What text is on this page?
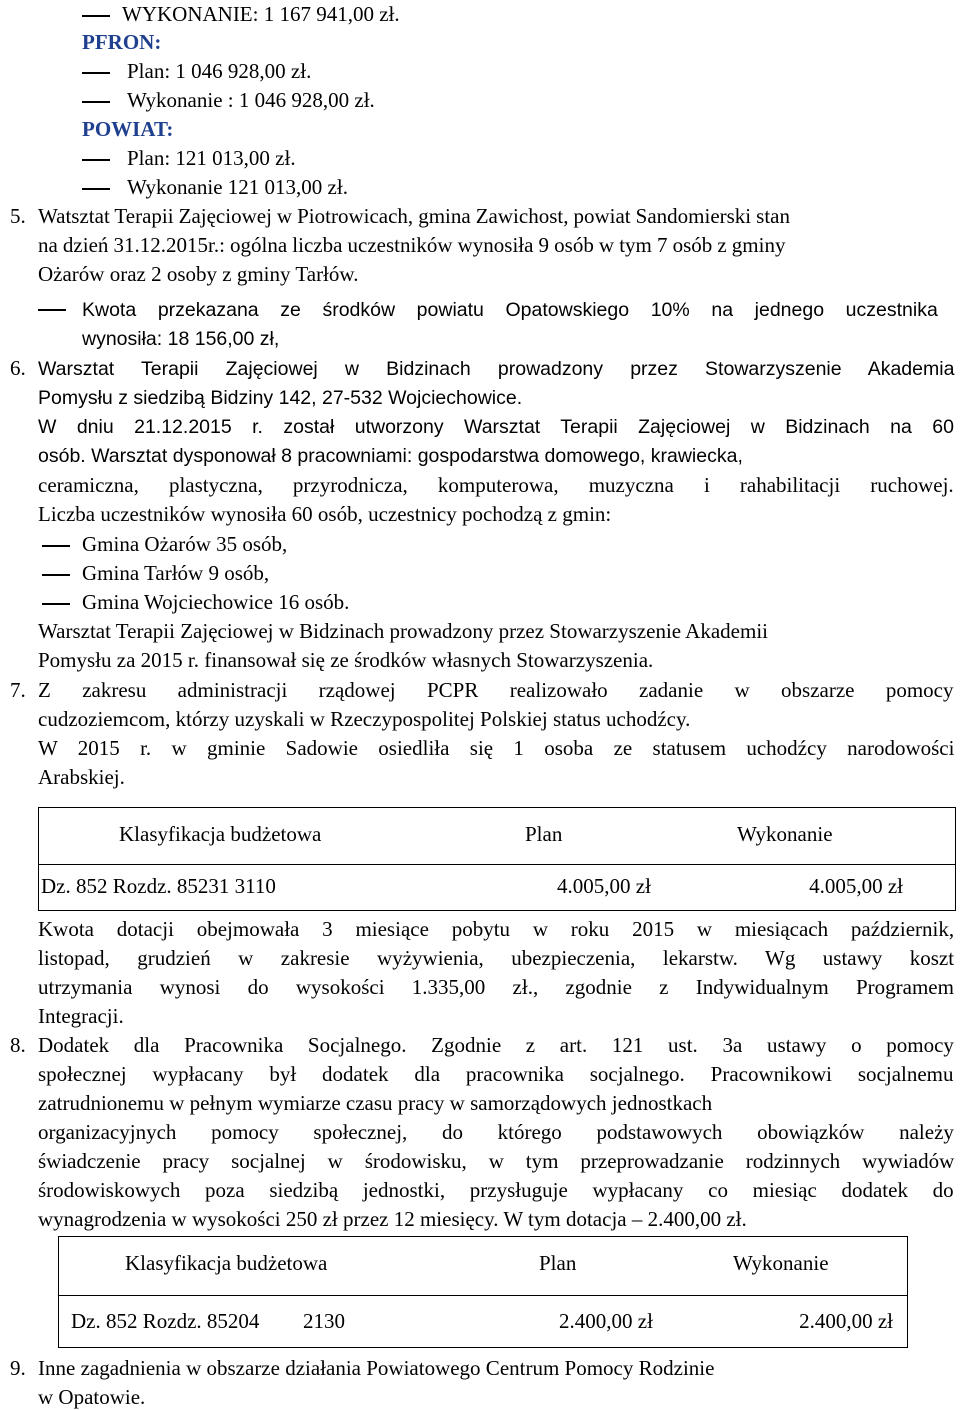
WYKONANIE: 1 167 941,00 zł.
PFRON:
Plan: 1 046 928,00 zł.
Wykonanie : 1 046 928,00 zł.
POWIAT:
Plan: 121 013,00 zł.
Wykonanie 121 013,00 zł.
5. Watsztat Terapii Zajęciowej w Piotrowicach, gmina Zawichost, powiat Sandomierski stan
na dzień 31.12.2015r.: ogólna liczba uczestników wynosiła 9 osób w tym 7 osób z gminy
Ożarów oraz 2 osoby z gminy Tarłów.
Kwota przekazana ze środków powiatu Opatowskiego 10% na jednego uczestnika
wynosiła: 18 156,00 zł,
6. Warsztat Terapii Zajęciowej w Bidzinach prowadzony przez Stowarzyszenie Akademia
Pomysłu z siedzibą Bidziny 142, 27-532 Wojciechowice.
W dniu 21.12.2015 r. został utworzony Warsztat Terapii Zajęciowej w Bidzinach na 60
osób. Warsztat dysponował 8 pracowniami: gospodarstwa domowego, krawiecka,
ceramiczna, plastyczna, przyrodnicza, komputerowa, muzyczna i rahabilitacji ruchowej.
Liczba uczestników wynosiła 60 osób, uczestnicy pochodzą z gmin:
Gmina Ożarów 35 osób,
Gmina Tarłów 9 osób,
Gmina Wojciechowice 16 osób.
Warsztat Terapii Zajęciowej w Bidzinach prowadzony przez Stowarzyszenie Akademii
Pomysłu za 2015 r. finansował się ze środków własnych Stowarzyszenia.
7. Z zakresu administracji rządowej PCPR realizowało zadanie w obszarze pomocy
cudzoziemcom, którzy uzyskali w Rzeczypospolitej Polskiej status uchodźcy.
W 2015 r. w gminie Sadowie osiedliła się 1 osoba ze statusem uchodźcy narodowości
Arabskiej.
Klasyfikacja budżetowa	Plan	Wykonanie
Dz. 852 Rozdz. 85231 3110	4.005,00 zł	4.005,00 zł
Kwota dotacji obejmowała 3 miesiące pobytu w roku 2015 w miesiącach październik,
listopad, grudzień w zakresie wyżywienia, ubezpieczenia, lekarstw. Wg ustawy koszt
utrzymania wynosi do wysokości 1.335,00 zł., zgodnie z Indywidualnym Programem
Integracji.
8. Dodatek dla Pracownika Socjalnego. Zgodnie z art. 121 ust. 3a ustawy o pomocy
społecznej wypłacany był dodatek dla pracownika socjalnego. Pracownikowi socjalnemu
zatrudnionemu w pełnym wymiarze czasu pracy w samorządowych jednostkach
organizacyjnych pomocy społecznej, do którego podstawowych obowiązków należy
świadczenie pracy socjalnej w środowisku, w tym przeprowadzanie rodzinnych wywiadów
środowiskowych poza siedzibą jednostki, przysługuje wypłacany co miesiąc dodatek do
wynagrodzenia w wysokości 250 zł przez 12 miesięcy. W tym dotacja – 2.400,00 zł.
Klasyfikacja budżetowa	Plan	Wykonanie
Dz. 852 Rozdz. 85204 2130	2.400,00 zł	2.400,00 zł
9. Inne zagadnienia w obszarze działania Powiatowego Centrum Pomocy Rodzinie
w Opatowie.
